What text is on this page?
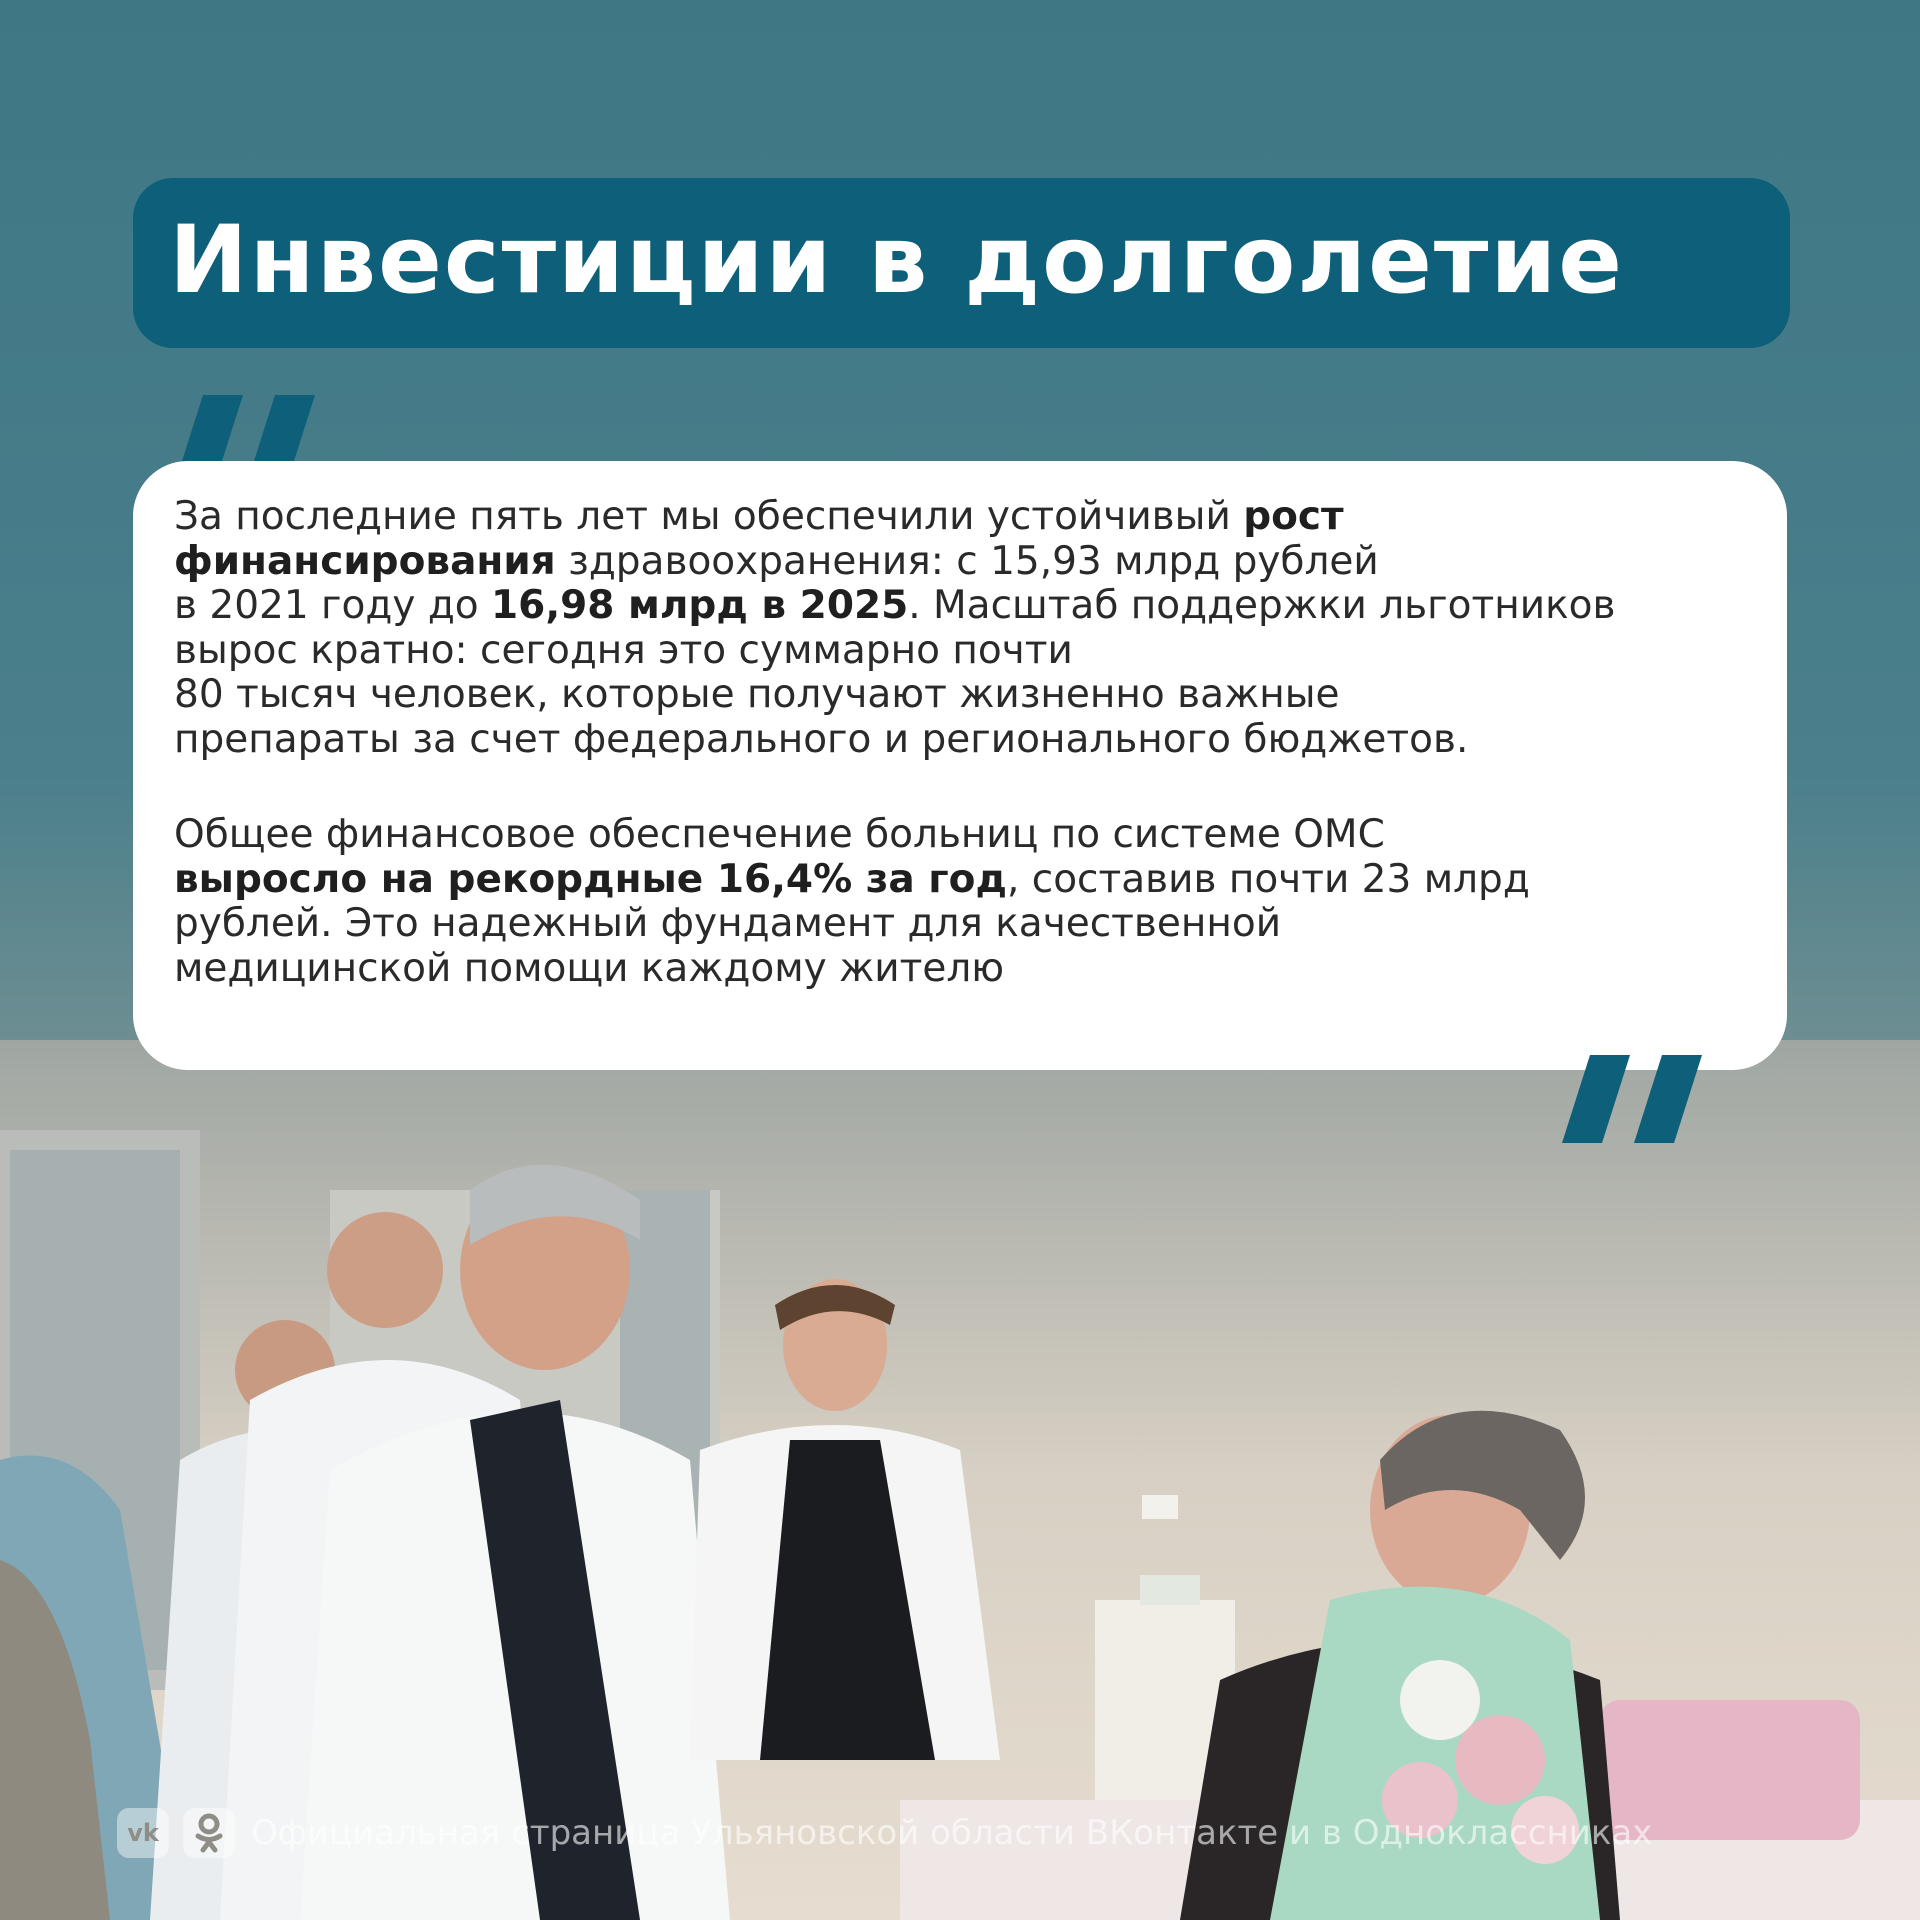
Инвестиции в долголетие

За последние пять лет мы обеспечили устойчивый рост
финансирования здравоохранения: с 15,93 млрд рублей
в 2021 году до 16,98 млрд в 2025. Масштаб поддержки льготников
вырос кратно: сегодня это суммарно почти
80 тысяч человек, которые получают жизненно важные
препараты за счет федерального и регионального бюджетов.

Общее финансовое обеспечение больниц по системе ОМС
выросло на рекордные 16,4% за год, составив почти 23 млрд
рублей. Это надежный фундамент для качественной
медицинской помощи каждому жителю

vk	Официальная страница Ульяновской области ВКонтакте и в Одноклассниках
